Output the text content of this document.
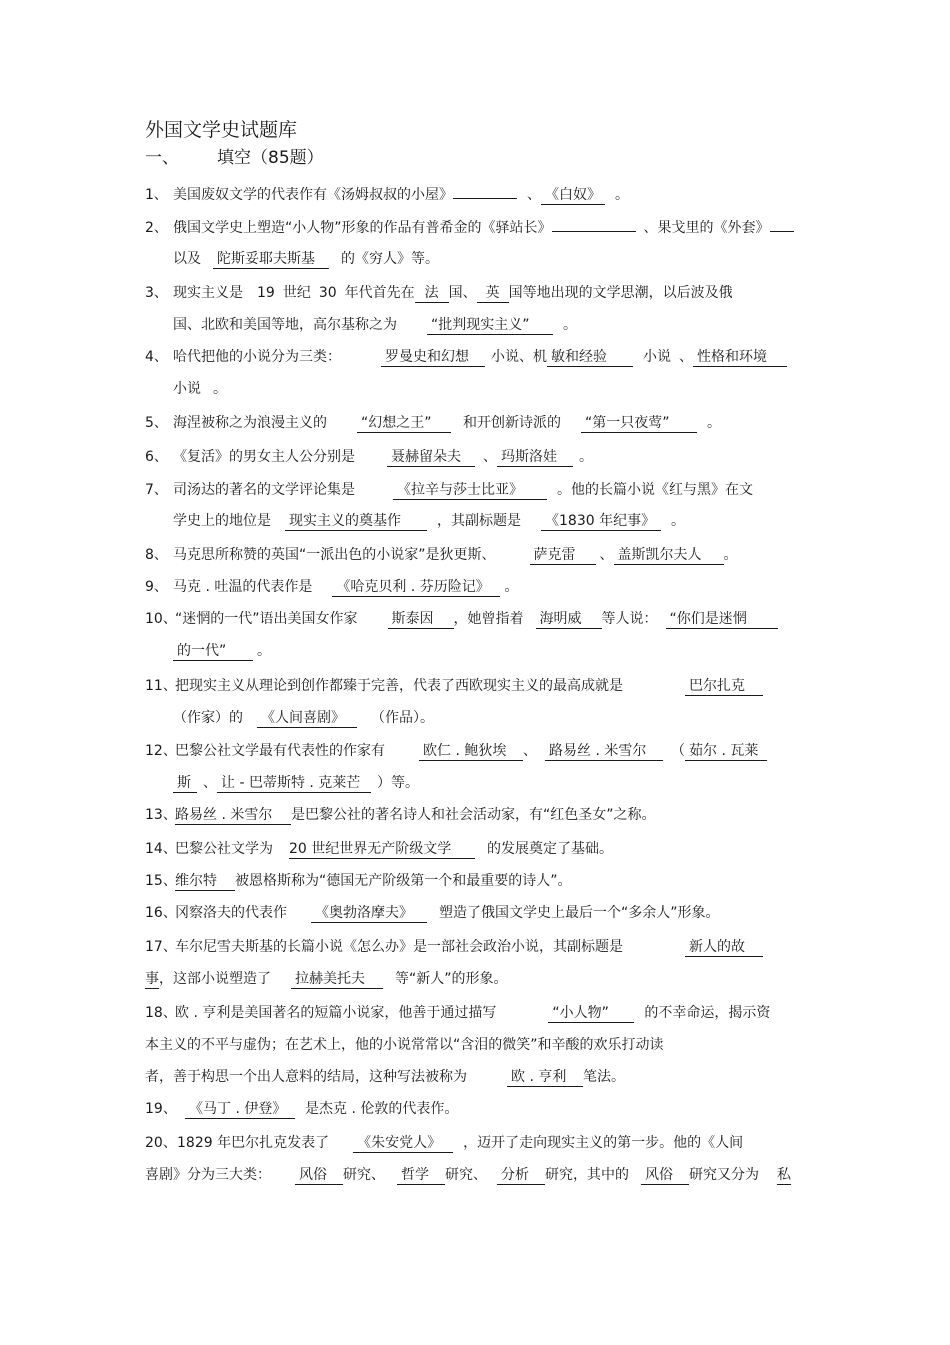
外国文学史试题库
一、 填空（85题）
1、 美国废奴文学的代表作有《汤姆叔叔的小屋》	、 《白奴》 。
2、 俄国文学史上塑造“小人物”形象的作品有普希金的《驿站长》	、果戈里的《外套》
以及 陀斯妥耶夫斯基 的《穷人》等。
3、 现实主义是 19 世纪 30 年代首先在 法 国、 英 国等地出现的文学思潮，以后波及俄
国、北欧和美国等地，高尔基称之为 “批判现实主义” 。
4、 哈代把他的小说分为三类：	罗曼史和幻想 小说、机 敏和经验	小说 、 性格和环境
小说 。
5、 海涅被称之为浪漫主义的 “幻想之王” 和开创新诗派的 “第一只夜莺”	。
6、 《复活》的男女主人公分别是	聂赫留朵夫 、 玛斯洛娃 。
7、 司汤达的著名的文学评论集是	《拉辛与莎士比亚》 。他的长篇小说《红与黑》在文
学史上的地位是 现实主义的奠基作	，其副标题是 《1830 年纪事》 。
8、 马克思所称赞的英国“一派出色的小说家”是狄更斯、	萨克雷 、 盖斯凯尔夫人 。
9、 马克 . 吐温的代表作是 《哈克贝利 . 芬历险记》 。
10、“迷惘的一代”语出美国女作家 斯泰因 ，她曾指着 海明威 等人说： “你们是迷惘
的一代” 。
11、把现实主义从理论到创作都臻于完善，代表了西欧现实主义的最高成就是	巴尔扎克
（作家）的 《人间喜剧》 （作品）。
12、巴黎公社文学最有代表性的作家有	欧仁 . 鲍狄埃 、 路易丝 . 米雪尔 （ 茹尔 . 瓦莱
斯 、 让 - 巴蒂斯特 . 克莱芒 ）等。
13、路易丝 . 米雪尔 是巴黎公社的著名诗人和社会活动家，有“红色圣女”之称。
14、巴黎公社文学为 20 世纪世界无产阶级文学	的发展奠定了基础。
15、维尔特 被恩格斯称为“德国无产阶级第一个和最重要的诗人”。
16、冈察洛夫的代表作 《奥勃洛摩夫》 塑造了俄国文学史上最后一个“多余人”形象。
17、车尔尼雪夫斯基的长篇小说《怎么办》是一部社会政治小说，其副标题是	新人的故
事，这部小说塑造了 拉赫美托夫 等“新人”的形象。
18、欧 . 亨利是美国著名的短篇小说家，他善于通过描写	“小人物”	的不幸命运，揭示资
本主义的不平与虚伪；在艺术上，他的小说常常以“含泪的微笑”和辛酸的欢乐打动读
者，善于构思一个出人意料的结局，这种写法被称为	欧 . 亨利 笔法。
19、 《马丁 . 伊登》 是杰克 . 伦敦的代表作。
20、1829 年巴尔扎克发表了 《朱安党人》 ，迈开了走向现实主义的第一步。他的《人间
喜剧》分为三大类： 风俗 研究、 哲学 研究、 分析 研究，其中的 风俗 研究又分为 私
